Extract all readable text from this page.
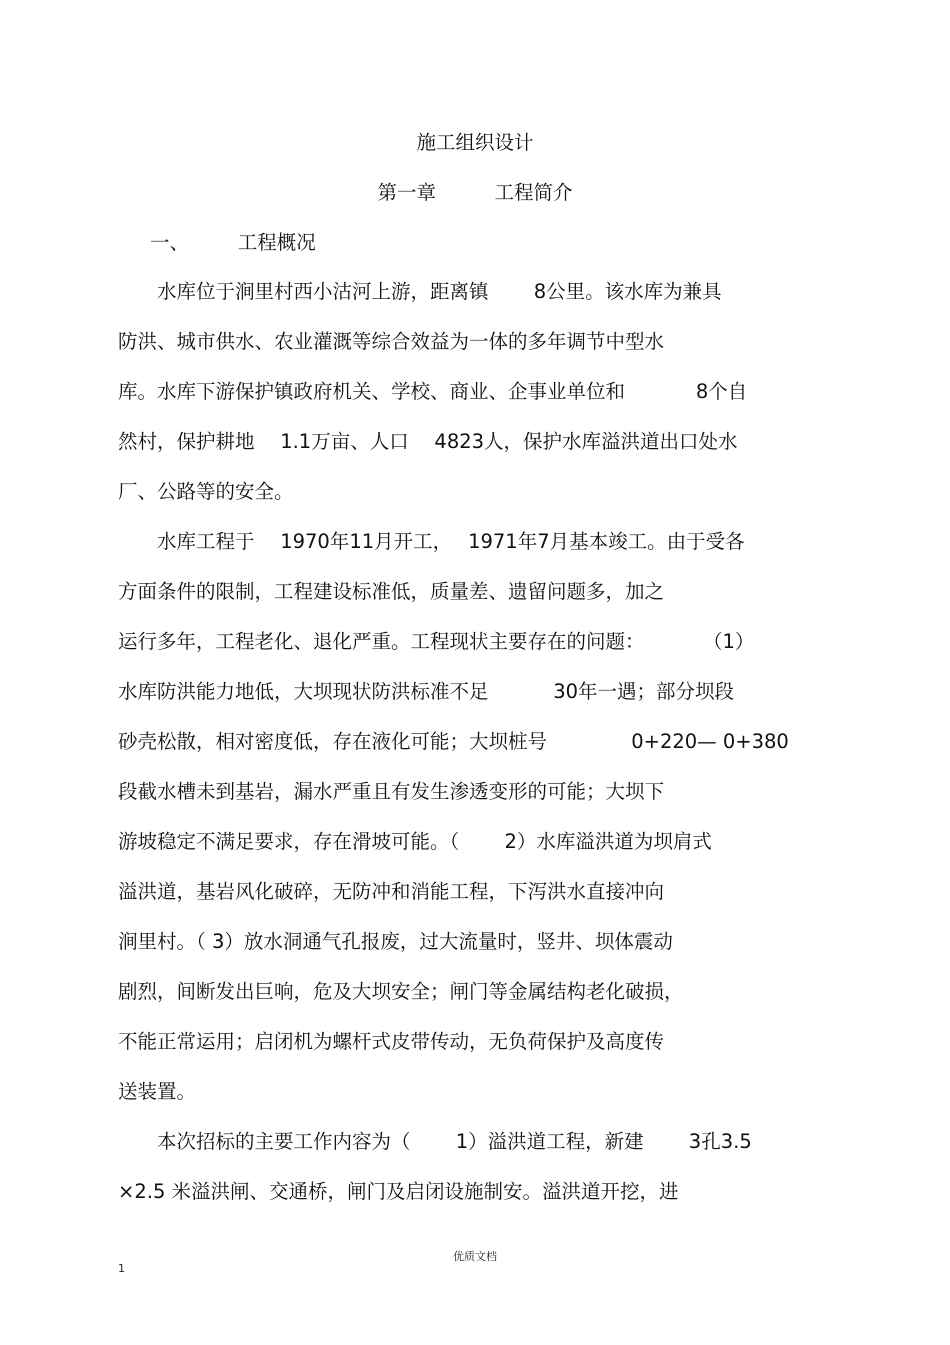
施工组织设计
第一章　　　工程简介
一、　　　工程概况
　　水库位于涧里村西小沽河上游，距离镇　　 8公里。该水库为兼具
防洪、城市供水、农业灌溉等综合效益为一体的多年调节中型水
库。水库下游保护镇政府机关、学校、商业、企事业单位和　　　  8个自
然村，保护耕地　 1.1万亩、人口　 4823人，保护水库溢洪道出口处水
厂、公路等的安全。
　　水库工程于　 1970年11月开工，　 1971年7月基本竣工。由于受各
方面条件的限制，工程建设标准低，质量差、遗留问题多，加之
运行多年，工程老化、退化严重。工程现状主要存在的问题：　　　　（1）
水库防洪能力地低，大坝现状防洪标准不足　　　 30年一遇；部分坝段
砂壳松散，相对密度低，存在液化可能；大坝桩号　　　　 0+220— 0+380
段截水槽未到基岩，漏水严重且有发生渗透变形的可能；大坝下
游坡稳定不满足要求，存在滑坡可能。（　　 2）水库溢洪道为坝肩式
溢洪道，基岩风化破碎，无防冲和消能工程，下泻洪水直接冲向
涧里村。（ 3）放水洞通气孔报废，过大流量时，竖井、坝体震动
剧烈，间断发出巨响，危及大坝安全；闸门等金属结构老化破损，
不能正常运用；启闭机为螺杆式皮带传动，无负荷保护及高度传
送装置。
　　本次招标的主要工作内容为（　　 1）溢洪道工程，新建　　 3孔3.5
×2.5 米溢洪闸、交通桥，闸门及启闭设施制安。溢洪道开挖，进
优质文档
1
